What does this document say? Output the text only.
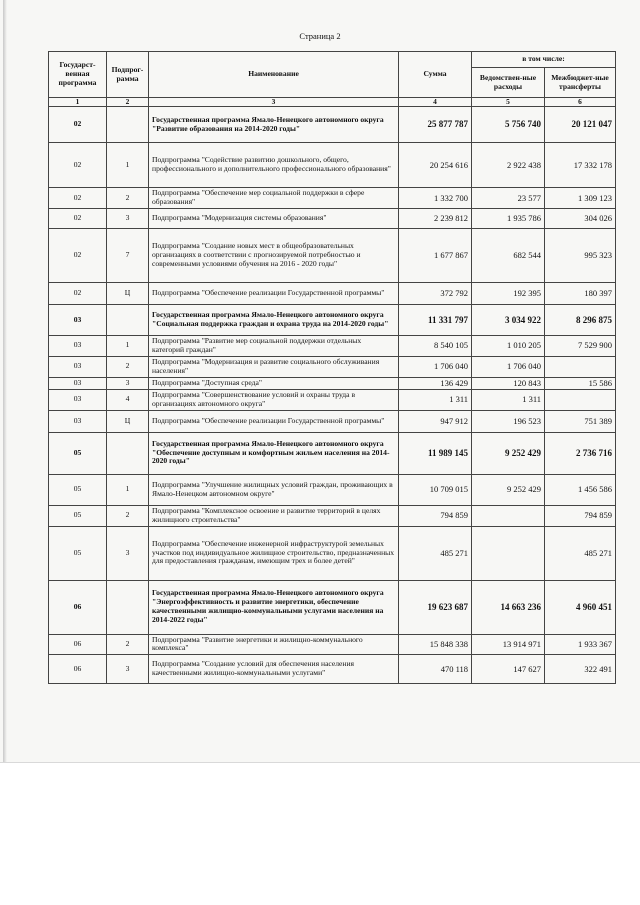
Страница 2
Государст-венная программа	Подпрог-рамма	Наименование	Сумма	в том числе:	
				Ведомствен-ные расходы	Межбюджет-ные трансферты
1	2	3	4	5	6
02		Государственная программа Ямало-Ненецкого автономного округа "Развитие образования на 2014-2020 годы"	25 877 787	5 756 740	20 121 047
02	1	Подпрограмма "Содействие развитию дошкольного, общего, профессионального и дополнительного профессионального образования"	20 254 616	2 922 438	17 332 178
02	2	Подпрограмма "Обеспечение мер социальной поддержки в сфере образования"	1 332 700	23 577	1 309 123
02	3	Подпрограмма "Модернизация системы образования"	2 239 812	1 935 786	304 026
02	7	Подпрограмма "Создание новых мест в общеобразовательных организациях в соответствии с прогнозируемой потребностью и современными условиями обучения на 2016 - 2020 годы"	1 677 867	682 544	995 323
02	Ц	Подпрограмма "Обеспечение реализации Государственной программы"	372 792	192 395	180 397
03		Государственная программа Ямало-Ненецкого автономного округа "Социальная поддержка граждан и охрана труда на 2014-2020 годы"	11 331 797	3 034 922	8 296 875
03	1	Подпрограмма "Развитие мер социальной поддержки отдельных категорий граждан"	8 540 105	1 010 205	7 529 900
03	2	Подпрограмма "Модернизация и развитие социального обслуживания населения"	1 706 040	1 706 040	
03	3	Подпрограмма "Доступная среда"	136 429	120 843	15 586
03	4	Подпрограмма "Совершенствование условий и охраны труда в организациях автономного округа"	1 311	1 311	
03	Ц	Подпрограмма "Обеспечение реализации Государственной программы"	947 912	196 523	751 389
05		Государственная программа Ямало-Ненецкого автономного округа "Обеспечение доступным и комфортным жильем населения на 2014-2020 годы"	11 989 145	9 252 429	2 736 716
05	1	Подпрограмма "Улучшение жилищных условий граждан, проживающих в Ямало-Ненецком автономном округе"	10 709 015	9 252 429	1 456 586
05	2	Подпрограмма "Комплексное освоение и развитие территорий в целях жилищного строительства"	794 859		794 859
05	3	Подпрограмма "Обеспечение инженерной инфраструктурой земельных участков под индивидуальное жилищное строительство, предназначенных для предоставления гражданам, имеющим трех и более детей"	485 271		485 271
06		Государственная программа Ямало-Ненецкого автономного округа "Энергоэффективность и развитие энергетики, обеспечение качественными жилищно-коммунальными услугами населения на 2014-2022 годы"	19 623 687	14 663 236	4 960 451
06	2	Подпрограмма "Развитие энергетики и жилищно-коммунального комплекса"	15 848 338	13 914 971	1 933 367
06	3	Подпрограмма "Создание условий для обеспечения населения качественными жилищно-коммунальными услугами"	470 118	147 627	322 491
